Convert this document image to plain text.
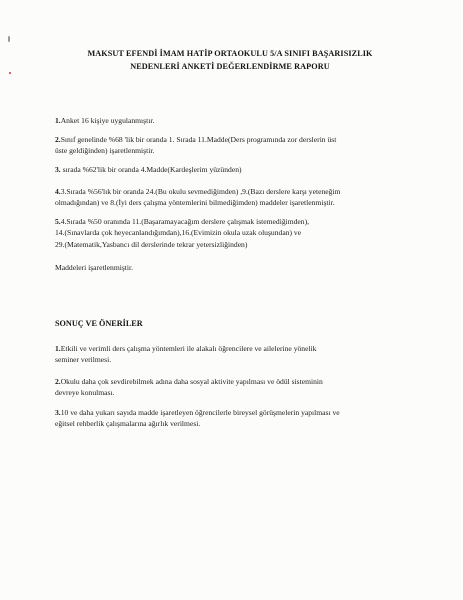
MAKSUT EFENDİ İMAM HATİP ORTAOKULU 5/A SINIFI BAŞARISIZLIK
NEDENLERİ ANKETİ DEĞERLENDİRME RAPORU
1.Anket 16 kişiye uygulanmıştır.
2.Sınıf genelinde %68 'lik bir oranda 1. Sırada 11.Madde(Ders programında zor derslerin üst
üste geldiğinden) işaretlenmiştir.
3. sırada %62'lik bir oranda 4.Madde(Kardeşlerim yüzünden)
4.3.Sırada %56'lık bir oranda 24.(Bu okulu sevmediğimden) ,9.(Bazı derslere karşı yeteneğim
olmadığından) ve 8.(İyi ders çalışma yöntemlerini bilmediğimden) maddeler işaretlenmiştir.
5.4.Sırada %50 oranında 11.(Başaramayacağım derslere çalışmak istemediğimden),
14.(Sınavlarda çok heyecanlandığımdan),16.(Evimizin okula uzak oluşundan) ve
29.(Matematik,Yasbancı dil derslerinde tekrar yetersizliğinden)
Maddeleri işaretlenmiştir.
SONUÇ VE ÖNERİLER
1.Etkili ve verimli ders çalışma yöntemleri ile alakalı öğrencilere ve ailelerine yönelik
seminer verilmesi.
2.Okulu daha çok sevdirebilmek adına daha sosyal aktivite yapılması ve ödül sisteminin
devreye konulması.
3.10 ve daha yukarı sayıda madde işaretleyen öğrencilerle bireysel görüşmelerin yapılması ve
eğitsel rehberlik çalışmalarına ağırlık verilmesi.
